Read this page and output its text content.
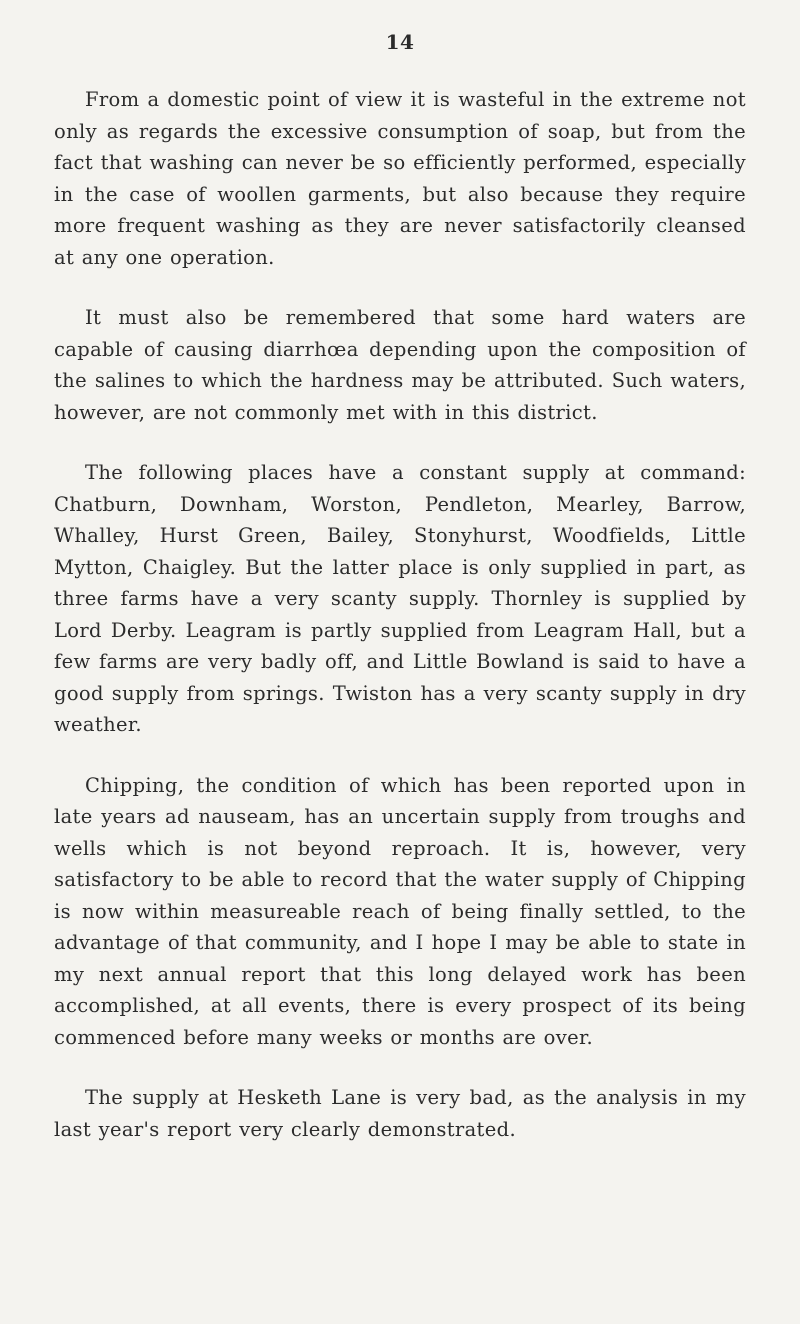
14

From a domestic point of view it is wasteful in the extreme not only as regards the excessive consumption of soap, but from the fact that washing can never be so efficiently performed, especially in the case of woollen garments, but also because they require more frequent washing as they are never satisfactorily cleansed at any one operation.

It must also be remembered that some hard waters are capable of causing diarrhœa depending upon the composition of the salines to which the hardness may be attributed. Such waters, however, are not commonly met with in this district.

The following places have a constant supply at command: Chatburn, Downham, Worston, Pendleton, Mearley, Barrow, Whalley, Hurst Green, Bailey, Stonyhurst, Woodfields, Little Mytton, Chaigley. But the latter place is only supplied in part, as three farms have a very scanty supply. Thornley is supplied by Lord Derby. Leagram is partly supplied from Leagram Hall, but a few farms are very badly off, and Little Bowland is said to have a good supply from springs. Twiston has a very scanty supply in dry weather.

Chipping, the condition of which has been reported upon in late years ad nauseam, has an uncertain supply from troughs and wells which is not beyond reproach. It is, however, very satisfactory to be able to record that the water supply of Chipping is now within measureable reach of being finally settled, to the advantage of that community, and I hope I may be able to state in my next annual report that this long delayed work has been accomplished, at all events, there is every prospect of its being commenced before many weeks or months are over.

The supply at Hesketh Lane is very bad, as the analysis in my last year's report very clearly demonstrated.
